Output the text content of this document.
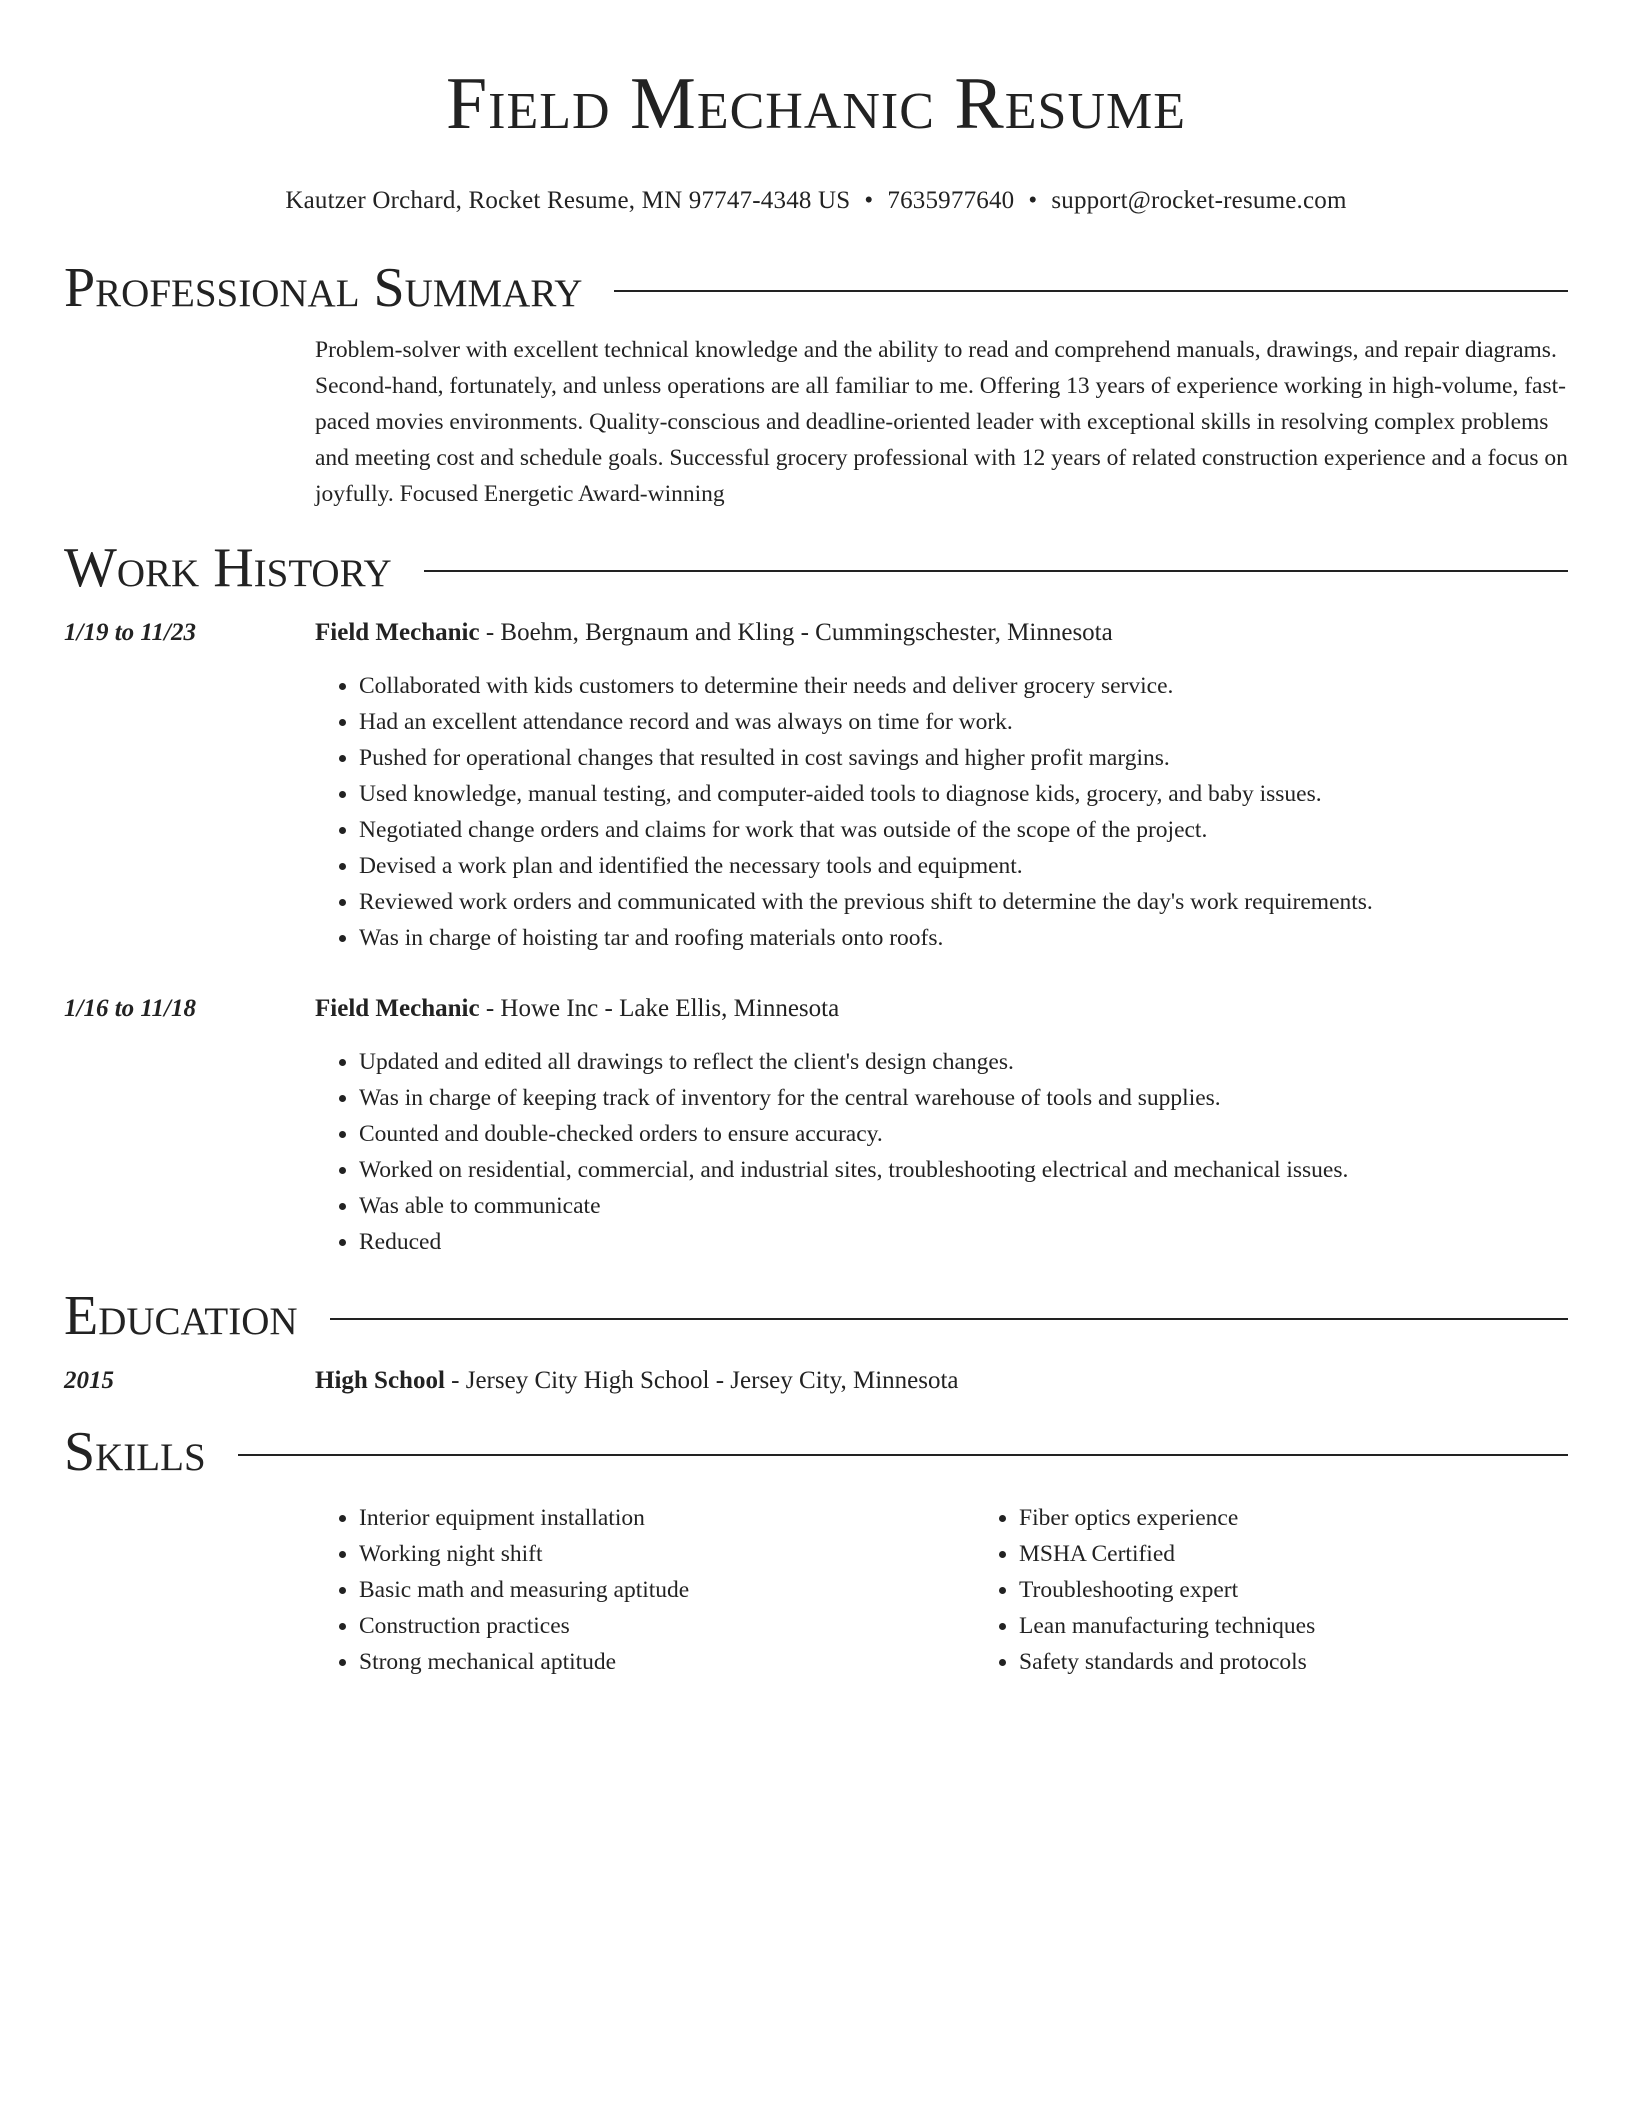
Field Mechanic Resume
Kautzer Orchard, Rocket Resume, MN 97747-4348 US • 7635977640 • support@rocket-resume.com
Professional Summary
Problem-solver with excellent technical knowledge and the ability to read and comprehend manuals, drawings, and repair diagrams. Second-hand, fortunately, and unless operations are all familiar to me. Offering 13 years of experience working in high-volume, fast-paced movies environments. Quality-conscious and deadline-oriented leader with exceptional skills in resolving complex problems and meeting cost and schedule goals. Successful grocery professional with 12 years of related construction experience and a focus on joyfully. Focused Energetic Award-winning
Work History
1/19 to 11/23	Field Mechanic - Boehm, Bergnaum and Kling - Cummingschester, Minnesota
• Collaborated with kids customers to determine their needs and deliver grocery service.
• Had an excellent attendance record and was always on time for work.
• Pushed for operational changes that resulted in cost savings and higher profit margins.
• Used knowledge, manual testing, and computer-aided tools to diagnose kids, grocery, and baby issues.
• Negotiated change orders and claims for work that was outside of the scope of the project.
• Devised a work plan and identified the necessary tools and equipment.
• Reviewed work orders and communicated with the previous shift to determine the day's work requirements.
• Was in charge of hoisting tar and roofing materials onto roofs.
1/16 to 11/18	Field Mechanic - Howe Inc - Lake Ellis, Minnesota
• Updated and edited all drawings to reflect the client's design changes.
• Was in charge of keeping track of inventory for the central warehouse of tools and supplies.
• Counted and double-checked orders to ensure accuracy.
• Worked on residential, commercial, and industrial sites, troubleshooting electrical and mechanical issues.
• Was able to communicate
• Reduced
Education
2015	High School - Jersey City High School - Jersey City, Minnesota
Skills
• Interior equipment installation
• Working night shift
• Basic math and measuring aptitude
• Construction practices
• Strong mechanical aptitude
• Fiber optics experience
• MSHA Certified
• Troubleshooting expert
• Lean manufacturing techniques
• Safety standards and protocols
